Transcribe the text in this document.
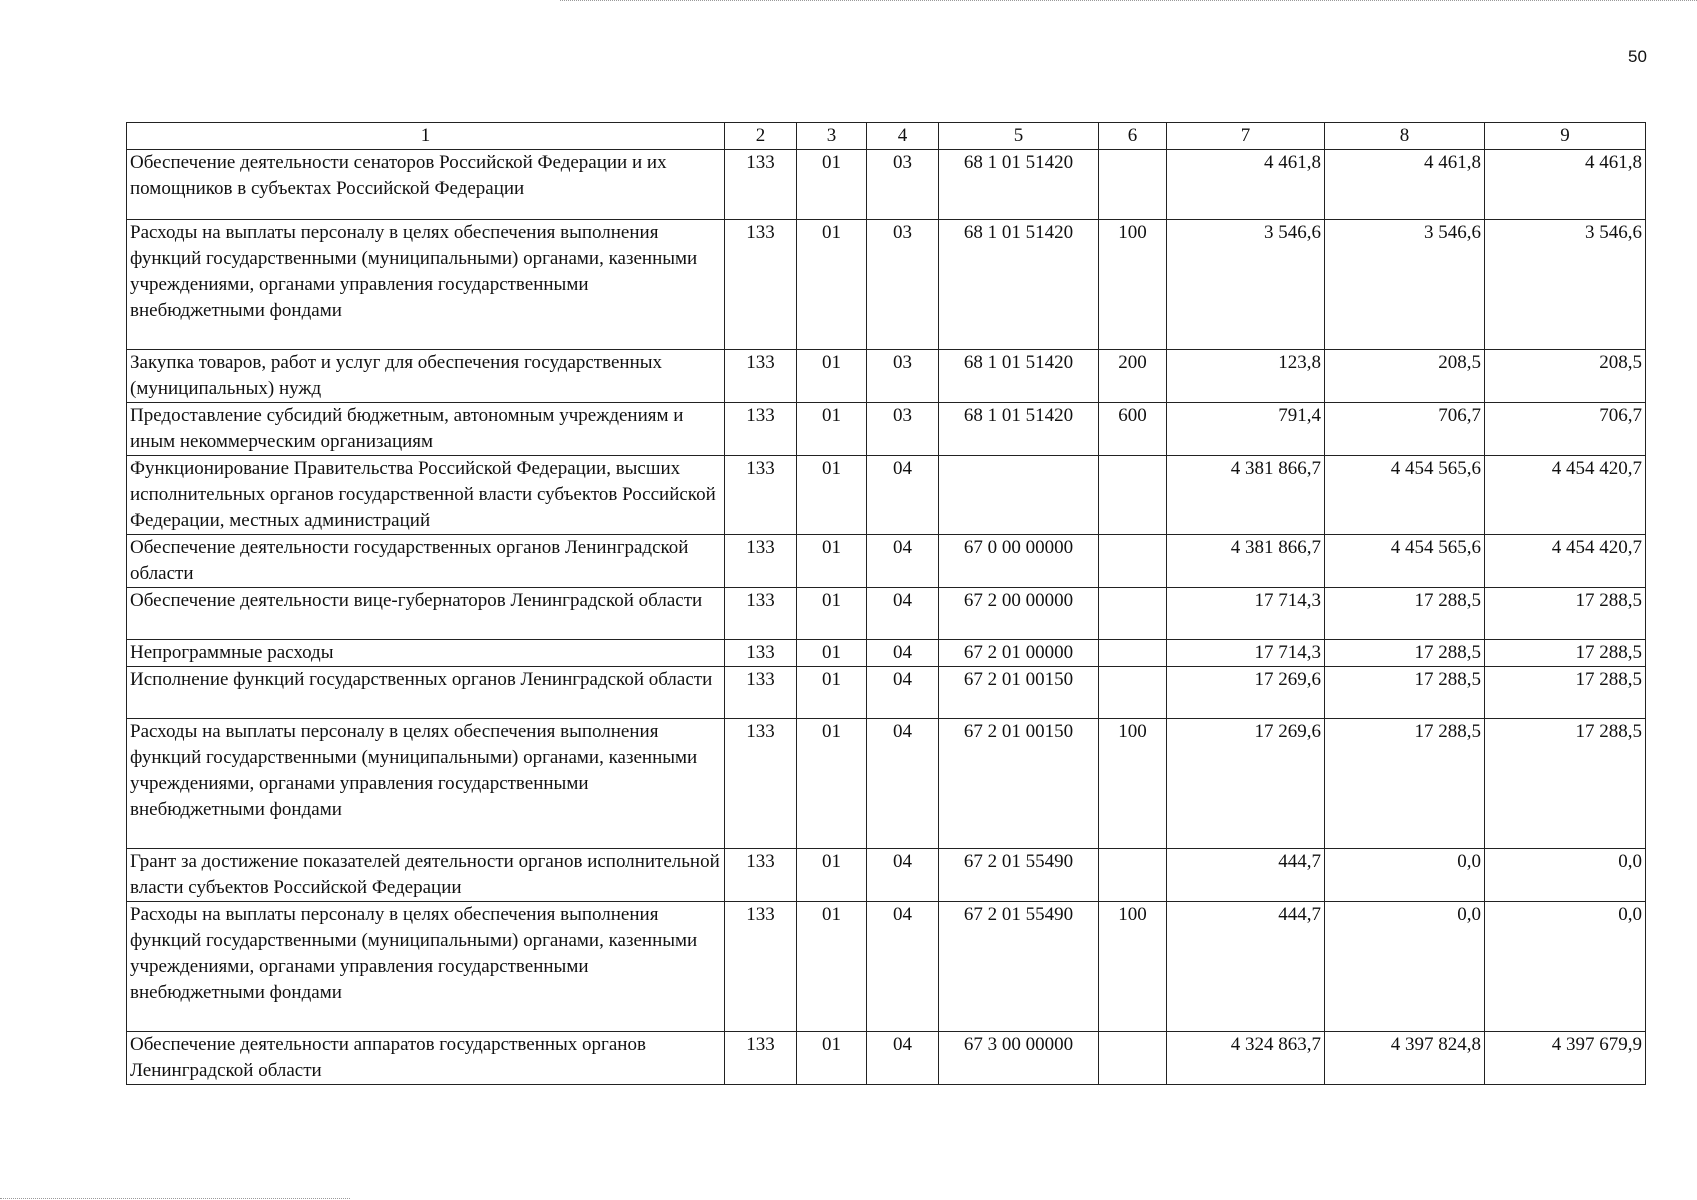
50
1	2	3	4	5	6	7	8	9
Обеспечение деятельности сенаторов Российской Федерации и их помощников в субъектах Российской Федерации	133	01	03	68 1 01 51420		4 461,8	4 461,8	4 461,8
Расходы на выплаты персоналу в целях обеспечения выполнения функций государственными (муниципальными) органами, казенными учреждениями, органами управления государственными внебюджетными фондами	133	01	03	68 1 01 51420	100	3 546,6	3 546,6	3 546,6
Закупка товаров, работ и услуг для обеспечения государственных (муниципальных) нужд	133	01	03	68 1 01 51420	200	123,8	208,5	208,5
Предоставление субсидий бюджетным, автономным учреждениям и иным некоммерческим организациям	133	01	03	68 1 01 51420	600	791,4	706,7	706,7
Функционирование Правительства Российской Федерации, высших исполнительных органов государственной власти субъектов Российской Федерации, местных администраций	133	01	04			4 381 866,7	4 454 565,6	4 454 420,7
Обеспечение деятельности государственных органов Ленинградской области	133	01	04	67 0 00 00000		4 381 866,7	4 454 565,6	4 454 420,7
Обеспечение деятельности вице-губернаторов Ленинградской области	133	01	04	67 2 00 00000		17 714,3	17 288,5	17 288,5
Непрограммные расходы	133	01	04	67 2 01 00000		17 714,3	17 288,5	17 288,5
Исполнение функций государственных органов Ленинградской области	133	01	04	67 2 01 00150		17 269,6	17 288,5	17 288,5
Расходы на выплаты персоналу в целях обеспечения выполнения функций государственными (муниципальными) органами, казенными учреждениями, органами управления государственными внебюджетными фондами	133	01	04	67 2 01 00150	100	17 269,6	17 288,5	17 288,5
Грант за достижение показателей деятельности органов исполнительной власти субъектов Российской Федерации	133	01	04	67 2 01 55490		444,7	0,0	0,0
Расходы на выплаты персоналу в целях обеспечения выполнения функций государственными (муниципальными) органами, казенными учреждениями, органами управления государственными внебюджетными фондами	133	01	04	67 2 01 55490	100	444,7	0,0	0,0
Обеспечение деятельности аппаратов государственных органов Ленинградской области	133	01	04	67 3 00 00000		4 324 863,7	4 397 824,8	4 397 679,9
